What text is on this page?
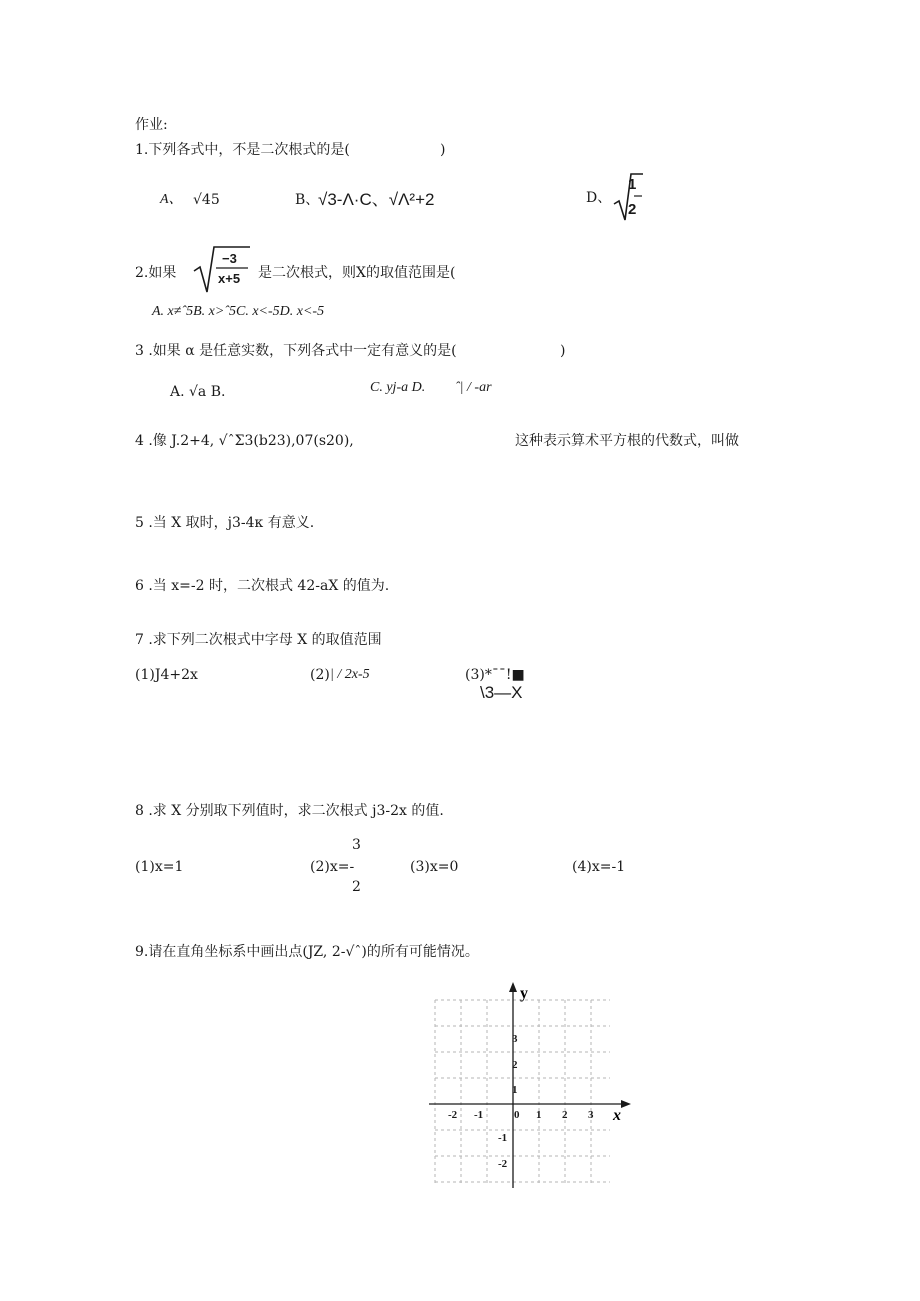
作业:
1.下列各式中，不是二次根式的是(	)
A、 √45	B、
√3-Λ·C、√Λ²+2	D、
1
2
2.如果
−3
x+5 是二次根式，则X的取值范围是(
A. x≠ˆ5B. x>ˆ5C. x<-5D. x<-5
3 .如果 α 是任意实数，下列各式中一定有意义的是(	)
A. √a B.	C. yj-a D. ˆ| / -ar
4 .像 J.2+4, √ˆΣ3(b23),07(s20),	这种表示算术平方根的代数式，叫做
5 .当 X 取时，j3-4κ 有意义.
6 .当 x=-2 时，二次根式 42-aX 的值为.
7 .求下列二次根式中字母 X 的取值范围
(1)J4+2x	(2) | / 2x-5	(3)*ˉˉ!■
\3—X
8 .求 X 分别取下列值时，求二次根式 j3-2x 的值.
(1)x=1	(2)x=-
3
2
(3)x=0	(4)x=-1
9.请在直角坐标系中画出点(JZ, 2-√ˆ)的所有可能情况。
y
x
-2 -1	0 1 2 3
3
2
1
-1
-2
